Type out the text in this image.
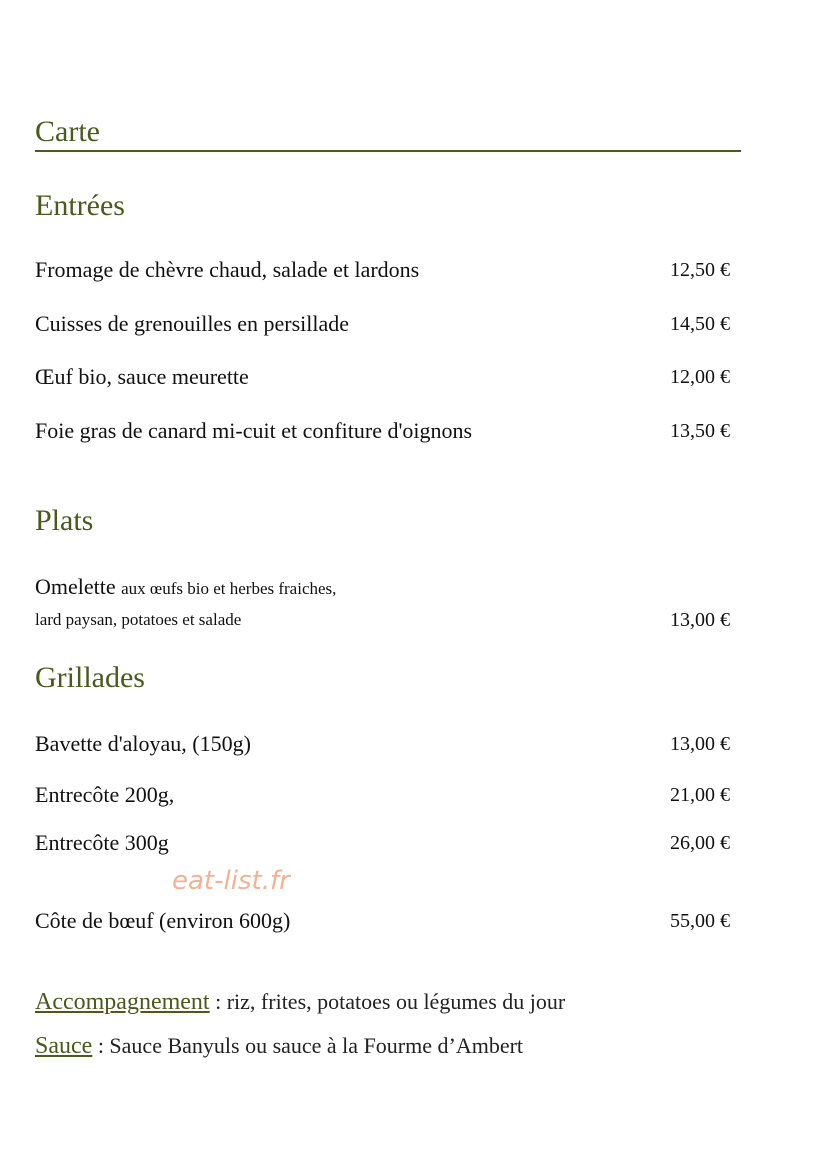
Carte
Entrées
Fromage de chèvre chaud, salade et lardons	12,50 €
Cuisses de grenouilles en persillade	14,50 €
Œuf bio, sauce meurette	12,00 €
Foie gras de canard mi-cuit et confiture d'oignons	13,50 €
Plats
Omelette aux œufs bio et herbes fraiches,
lard paysan, potatoes et salade	13,00 €
Grillades
Bavette d'aloyau, (150g)	13,00 €
Entrecôte 200g,	21,00 €
Entrecôte 300g	26,00 €
eat-list.fr
Côte de bœuf (environ 600g)	55,00 €
Accompagnement : riz, frites, potatoes ou légumes du jour
Sauce : Sauce Banyuls ou sauce à la Fourme d’Ambert
